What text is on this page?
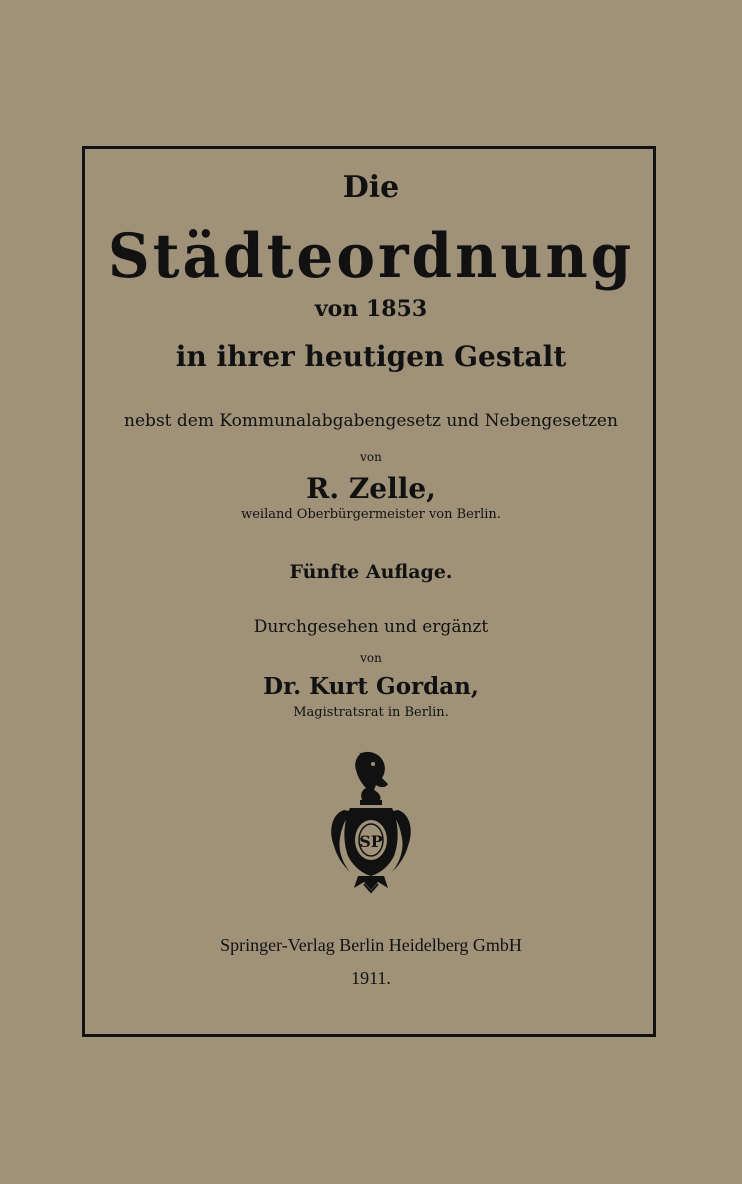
Die
Städteordnung
von 1853
in ihrer heutigen Gestalt
nebst dem Kommunalabgabengesetz und Nebengesetzen
von
R. Zelle,
weiland Oberbürgermeister von Berlin.
Fünfte Auflage.
Durchgesehen und ergänzt
von
Dr. Kurt Gordan,
Magistratsrat in Berlin.
SP
Springer-Verlag Berlin Heidelberg GmbH
1911.
